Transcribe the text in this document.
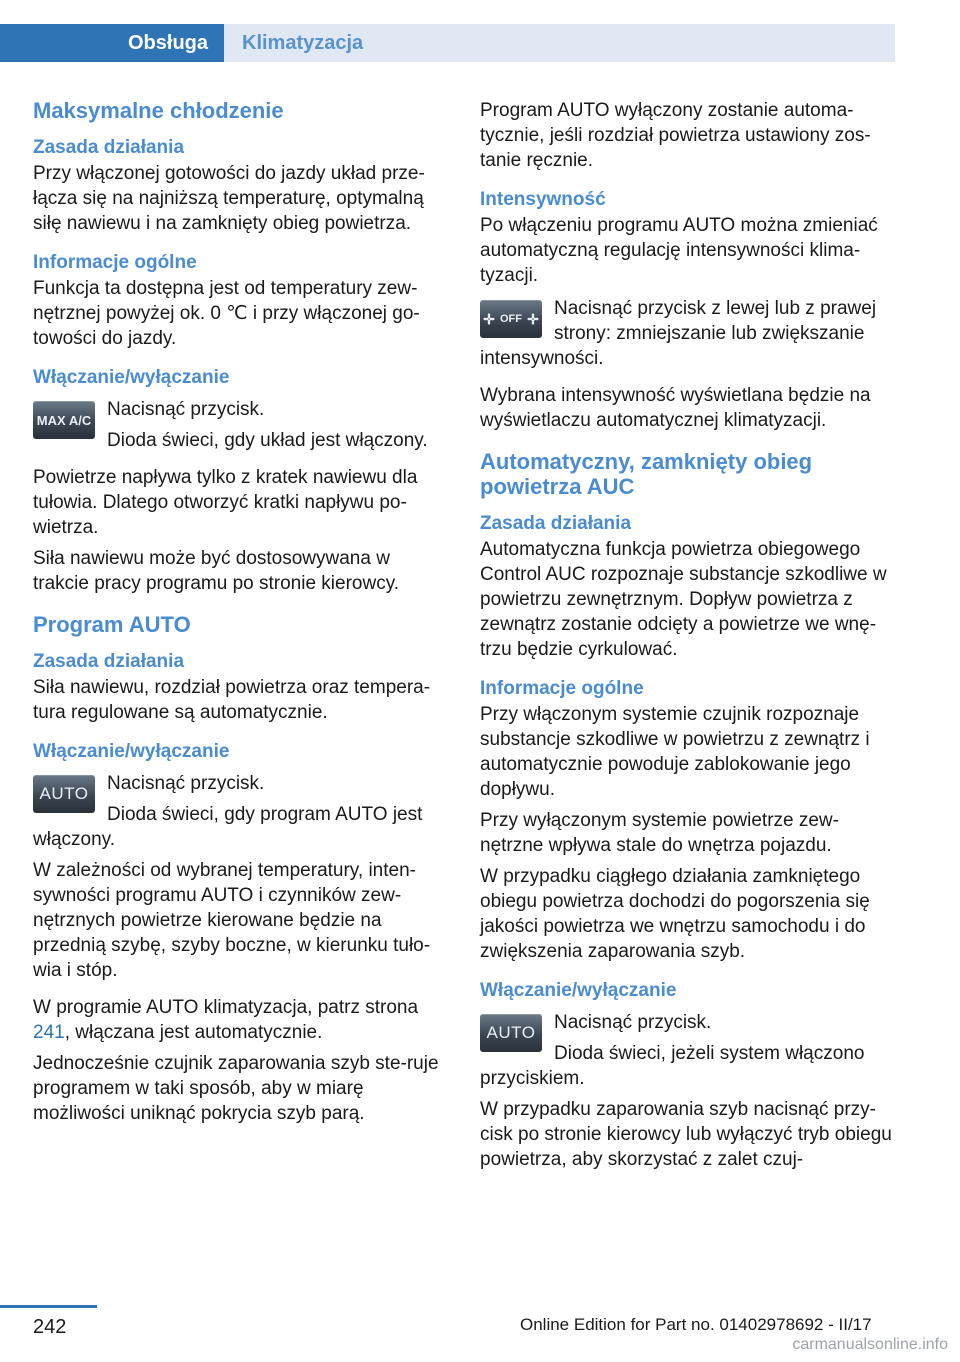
Obsługa	Klimatyzacja
Maksymalne chłodzenie
Zasada działania

Przy włączonej gotowości do jazdy układ prze-łącza się na najniższą temperaturę, optymalną siłę nawiewu i na zamknięty obieg powietrza.

Informacje ogólne

Funkcja ta dostępna jest od temperatury zew-nętrznej powyżej ok. 0 ℃ i przy włączonej go-towości do jazdy.

Włączanie/wyłączanie
MAX A/C Nacisnąć przycisk.

Dioda świeci, gdy układ jest włączony.

Powietrze napływa tylko z kratek nawiewu dla tułowia. Dlatego otworzyć kratki napływu po-wietrza.

Siła nawiewu może być dostosowywana w trakcie pracy programu po stronie kierowcy.

Program AUTO
Zasada działania

Siła nawiewu, rozdział powietrza oraz tempera-tura regulowane są automatycznie.

Włączanie/wyłączanie
AUTO Nacisnąć przycisk.

Dioda świeci, gdy program AUTO jest włączony.

W zależności od wybranej temperatury, inten-sywności programu AUTO i czynników zew-nętrznych powietrze kierowane będzie na przednią szybę, szyby boczne, w kierunku tuło-wia i stóp.

W programie AUTO klimatyzacja, patrz strona 241, włączana jest automatycznie.

Jednocześnie czujnik zaparowania szyb ste-ruje programem w taki sposób, aby w miarę możliwości uniknąć pokrycia szyb parą.

Program AUTO wyłączony zostanie automa-tycznie, jeśli rozdział powietrza ustawiony zos-tanie ręcznie.

Intensywność

Po włączeniu programu AUTO można zmieniać automatyczną regulację intensywności klima-tyzacji.

OFF	Nacisnąć przycisk z lewej lub z prawej strony: zmniejszanie lub zwiększanie intensywności.

Wybrana intensywność wyświetlana będzie na wyświetlaczu automatycznej klimatyzacji.

Automatyczny, zamknięty obieg powietrza AUC
Zasada działania

Automatyczna funkcja powietrza obiegowego Control AUC rozpoznaje substancje szkodliwe w powietrzu zewnętrznym. Dopływ powietrza z zewnątrz zostanie odcięty a powietrze we wnę-trzu będzie cyrkulować.

Informacje ogólne

Przy włączonym systemie czujnik rozpoznaje substancje szkodliwe w powietrzu z zewnątrz i automatycznie powoduje zablokowanie jego dopływu.

Przy wyłączonym systemie powietrze zew-nętrzne wpływa stale do wnętrza pojazdu.

W przypadku ciągłego działania zamkniętego obiegu powietrza dochodzi do pogorszenia się jakości powietrza we wnętrzu samochodu i do zwiększenia zaparowania szyb.

Włączanie/wyłączanie
AUTO Nacisnąć przycisk.

Dioda świeci, jeżeli system włączono przyciskiem.

W przypadku zaparowania szyb nacisnąć przy-cisk po stronie kierowcy lub wyłączyć tryb obiegu powietrza, aby skorzystać z zalet czuj-

242	Online Edition for Part no. 01402978692 - II/17
carmanualsonline.info
